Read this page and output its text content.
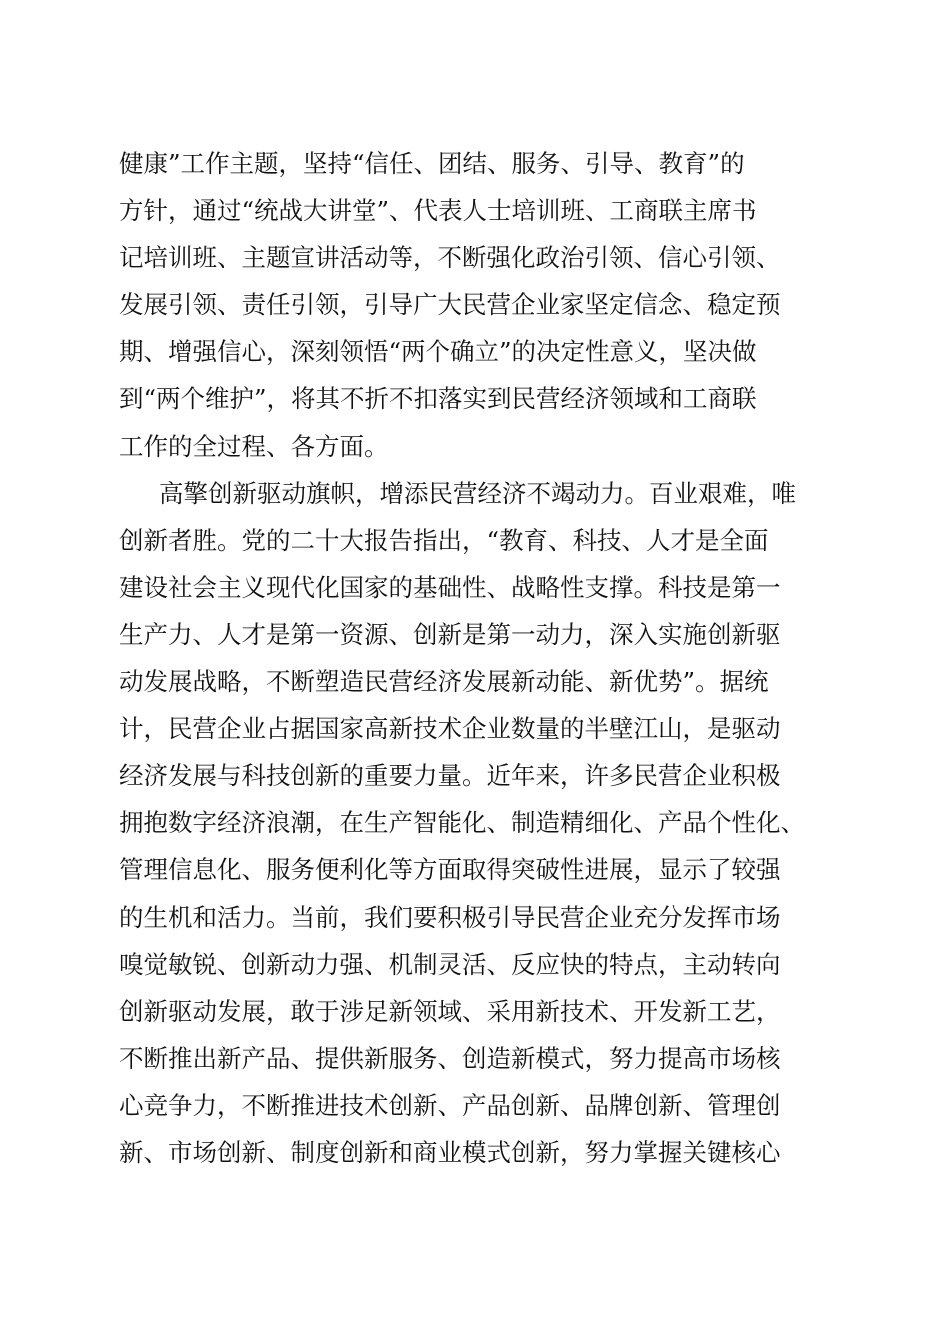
健康”工作主题，坚持“信任、团结、服务、引导、教育”的
方针，通过“统战大讲堂”、代表人士培训班、工商联主席书
记培训班、主题宣讲活动等，不断强化政治引领、信心引领、
发展引领、责任引领，引导广大民营企业家坚定信念、稳定预
期、增强信心，深刻领悟“两个确立”的决定性意义，坚决做
到“两个维护”，将其不折不扣落实到民营经济领域和工商联
工作的全过程、各方面。
高擎创新驱动旗帜，增添民营经济不竭动力。百业艰难，唯
创新者胜。党的二十大报告指出，“教育、科技、人才是全面
建设社会主义现代化国家的基础性、战略性支撑。科技是第一
生产力、人才是第一资源、创新是第一动力，深入实施创新驱
动发展战略，不断塑造民营经济发展新动能、新优势”。据统
计，民营企业占据国家高新技术企业数量的半壁江山，是驱动
经济发展与科技创新的重要力量。近年来，许多民营企业积极
拥抱数字经济浪潮，在生产智能化、制造精细化、产品个性化、
管理信息化、服务便利化等方面取得突破性进展，显示了较强
的生机和活力。当前，我们要积极引导民营企业充分发挥市场
嗅觉敏锐、创新动力强、机制灵活、反应快的特点，主动转向
创新驱动发展，敢于涉足新领域、采用新技术、开发新工艺，
不断推出新产品、提供新服务、创造新模式，努力提高市场核
心竞争力，不断推进技术创新、产品创新、品牌创新、管理创
新、市场创新、制度创新和商业模式创新，努力掌握关键核心
